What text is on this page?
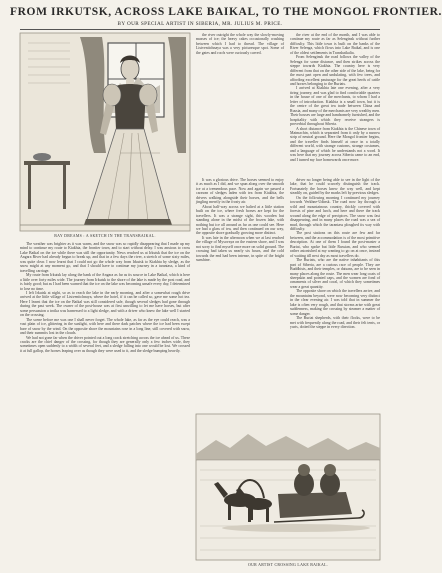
FROM IRKUTSK, ACROSS LAKE BAIKAL, TO THE MONGOL FRONTIER.
BY OUR SPECIAL ARTIST IN SIBERIA, MR. JULIUS M. PRICE.
BAY DREAMS : A SKETCH IN THE TRANSBAIKAL.

the river outright the whole way the slowly-moving masses of ice; the heavy cakes occasionally crashing between which I had to thread. The village of Listvenitchnaya was a very picturesque spot. Some of the gates and roofs were curiously carved.

The weather was brighter as it was warm, and the snow was so rapidly disappearing that I made up my mind to continue my route to Kiakhta, the frontier town, and to start without delay. I was anxious to cross Lake Baikal on the ice while there was still the opportunity. News reached us at Irkutsk that the ice on the Angara River had already begun to break up, and that in a few days the river, a stretch of some sixty miles, was quite clear. I now learnt that I could not go the whole way from Irkutsk to Kiakhta by sledge, as the snow might at any moment go, and that I should have to continue my journey in a tarantass, a kind of travelling carriage.

My route from Irkutsk lay along the bank of the Angara as far as its source in Lake Baikal, which is here a little over forty miles wide. The journey from Irkutsk to the shore of the lake is made by the post road, and is fairly good; but as I had been warned that the ice on the lake was becoming unsafe every day, I determined to lose no time.

I left Irkutsk at night, so as to reach the lake in the early morning, and after a somewhat rough drive arrived at the little village of Listvenitchnaya, where the hotel, if it can be called so, gave me some hot tea. Here I learnt that the ice on the Baikal was still considered safe, though several sledges had gone through during the past week. The owner of the post-house was at first unwilling to let me have horses, but after some persuasion a troika was harnessed to a light sledge, and with a driver who knew the lake well I started on the crossing.

The scene before me was one I shall never forget. The whole lake, as far as the eye could reach, was a vast plain of ice, glittering in the sunlight, with here and there dark patches where the ice had been swept bare of snow by the wind. On the opposite shore the mountains rose in a long line, still covered with snow, and their summits lost in the clouds.

We had not gone far when the driver pointed out a long crack stretching across the ice ahead of us. These cracks are the chief danger of the crossing, for though they are generally only a few inches wide, they sometimes open suddenly to a width of several feet, and a sledge falling into one would be lost. We crossed it at full gallop, the horses leaping over as though they were used to it, and the sledge bumping heavily.

It was a glorious drive. The horses seemed to enjoy it as much as I did, and we spun along over the smooth ice at a tremendous pace. Now and again we passed a caravan of sledges laden with tea from Kiakhta, the drivers walking alongside their horses, and the bells jingling merrily in the frosty air.

About half-way across we halted at a little station built on the ice, where fresh horses are kept for the travellers. It was a strange sight, this wooden hut standing alone in the midst of the frozen lake, with nothing but ice all around as far as one could see. Here we had a glass of tea, and then continued on our way, the opposite shore gradually growing more distinct.

It was late in the afternoon when we at last reached the village of Mysovaya on the eastern shore, and I was not sorry to find myself once more on solid ground. The crossing had taken us nearly six hours, and the cold towards the end had been intense, in spite of the bright sunshine.

the river at the end of the month, and I was able to continue my route as far as Selenginsk without further difficulty. This little town is built on the banks of the River Selenga, which flows into Lake Baikal, and is one of the oldest settlements in Transbaikalia.

From Selenginsk the road follows the valley of the Selenga for some distance, and then strikes across the steppe towards Kiakhta. The country here is very different from that on the other side of the lake, being for the most part open and undulating, with few trees, and affording excellent pasturage for the great herds of cattle and horses belonging to the Buriats.

I arrived at Kiakhta late one evening, after a very tiring journey, and was glad to find comfortable quarters in the house of one of the merchants, to whom I had a letter of introduction. Kiakhta is a small town, but it is the centre of the great tea trade between China and Russia, and many of the merchants are very wealthy men. Their houses are large and handsomely furnished, and the hospitality with which they receive strangers is proverbial throughout Siberia.

A short distance from Kiakhta is the Chinese town of Maimachin, which is separated from it only by a narrow strip of neutral ground. Here the Mongol frontier begins, and the traveller finds himself at once in a totally different world, with strange customs, strange costumes, and a language of which he understands not a word. It was here that my journey across Siberia came to an end, and I turned my face homewards once more.

driver no longer being able to see in the light of the lake, that he could scarcely distinguish the track. Fortunately the horses knew the way well, and kept steadily on, guided by the marks left by previous sledges.

On the following morning I continued my journey towards Verkhne-Udinsk. The road now lay through a wild and mountainous country, thickly covered with forests of pine and larch, and here and there the track wound along the edge of precipices. The snow was fast disappearing, and in many places the road was a sea of mud, through which the tarantass ploughed its way with difficulty.

The post stations on this route are few and far between, and the accommodation is of the most primitive description. At one of them I found the post-master a Buriat, who spoke but little Russian, and who seemed rather astonished at my wanting to go on at once, instead of waiting till next day as most travellers do.

The Buriats, who are the native inhabitants of this part of Siberia, are a curious race of people. They are Buddhists, and their temples, or datsans, are to be seen in many places along the route. The men wear long coats of sheepskin and pointed caps, and the women are fond of ornaments of silver and coral, of which they sometimes wear a great quantity.

The opposite shore on which the travellers arrive, and the mountains beyond, were now becoming very distinct in the clear evening air. I was told that in summer the lake is often very rough, and that storms arise with great suddenness, making the crossing by steamer a matter of some danger.

The Buriat shepherds, with their flocks, were to be met with frequently along the road, and their felt tents, or yurts, dotted the steppe in every direction.

OUR ARTIST CROSSING LAKE BAIKAL.
